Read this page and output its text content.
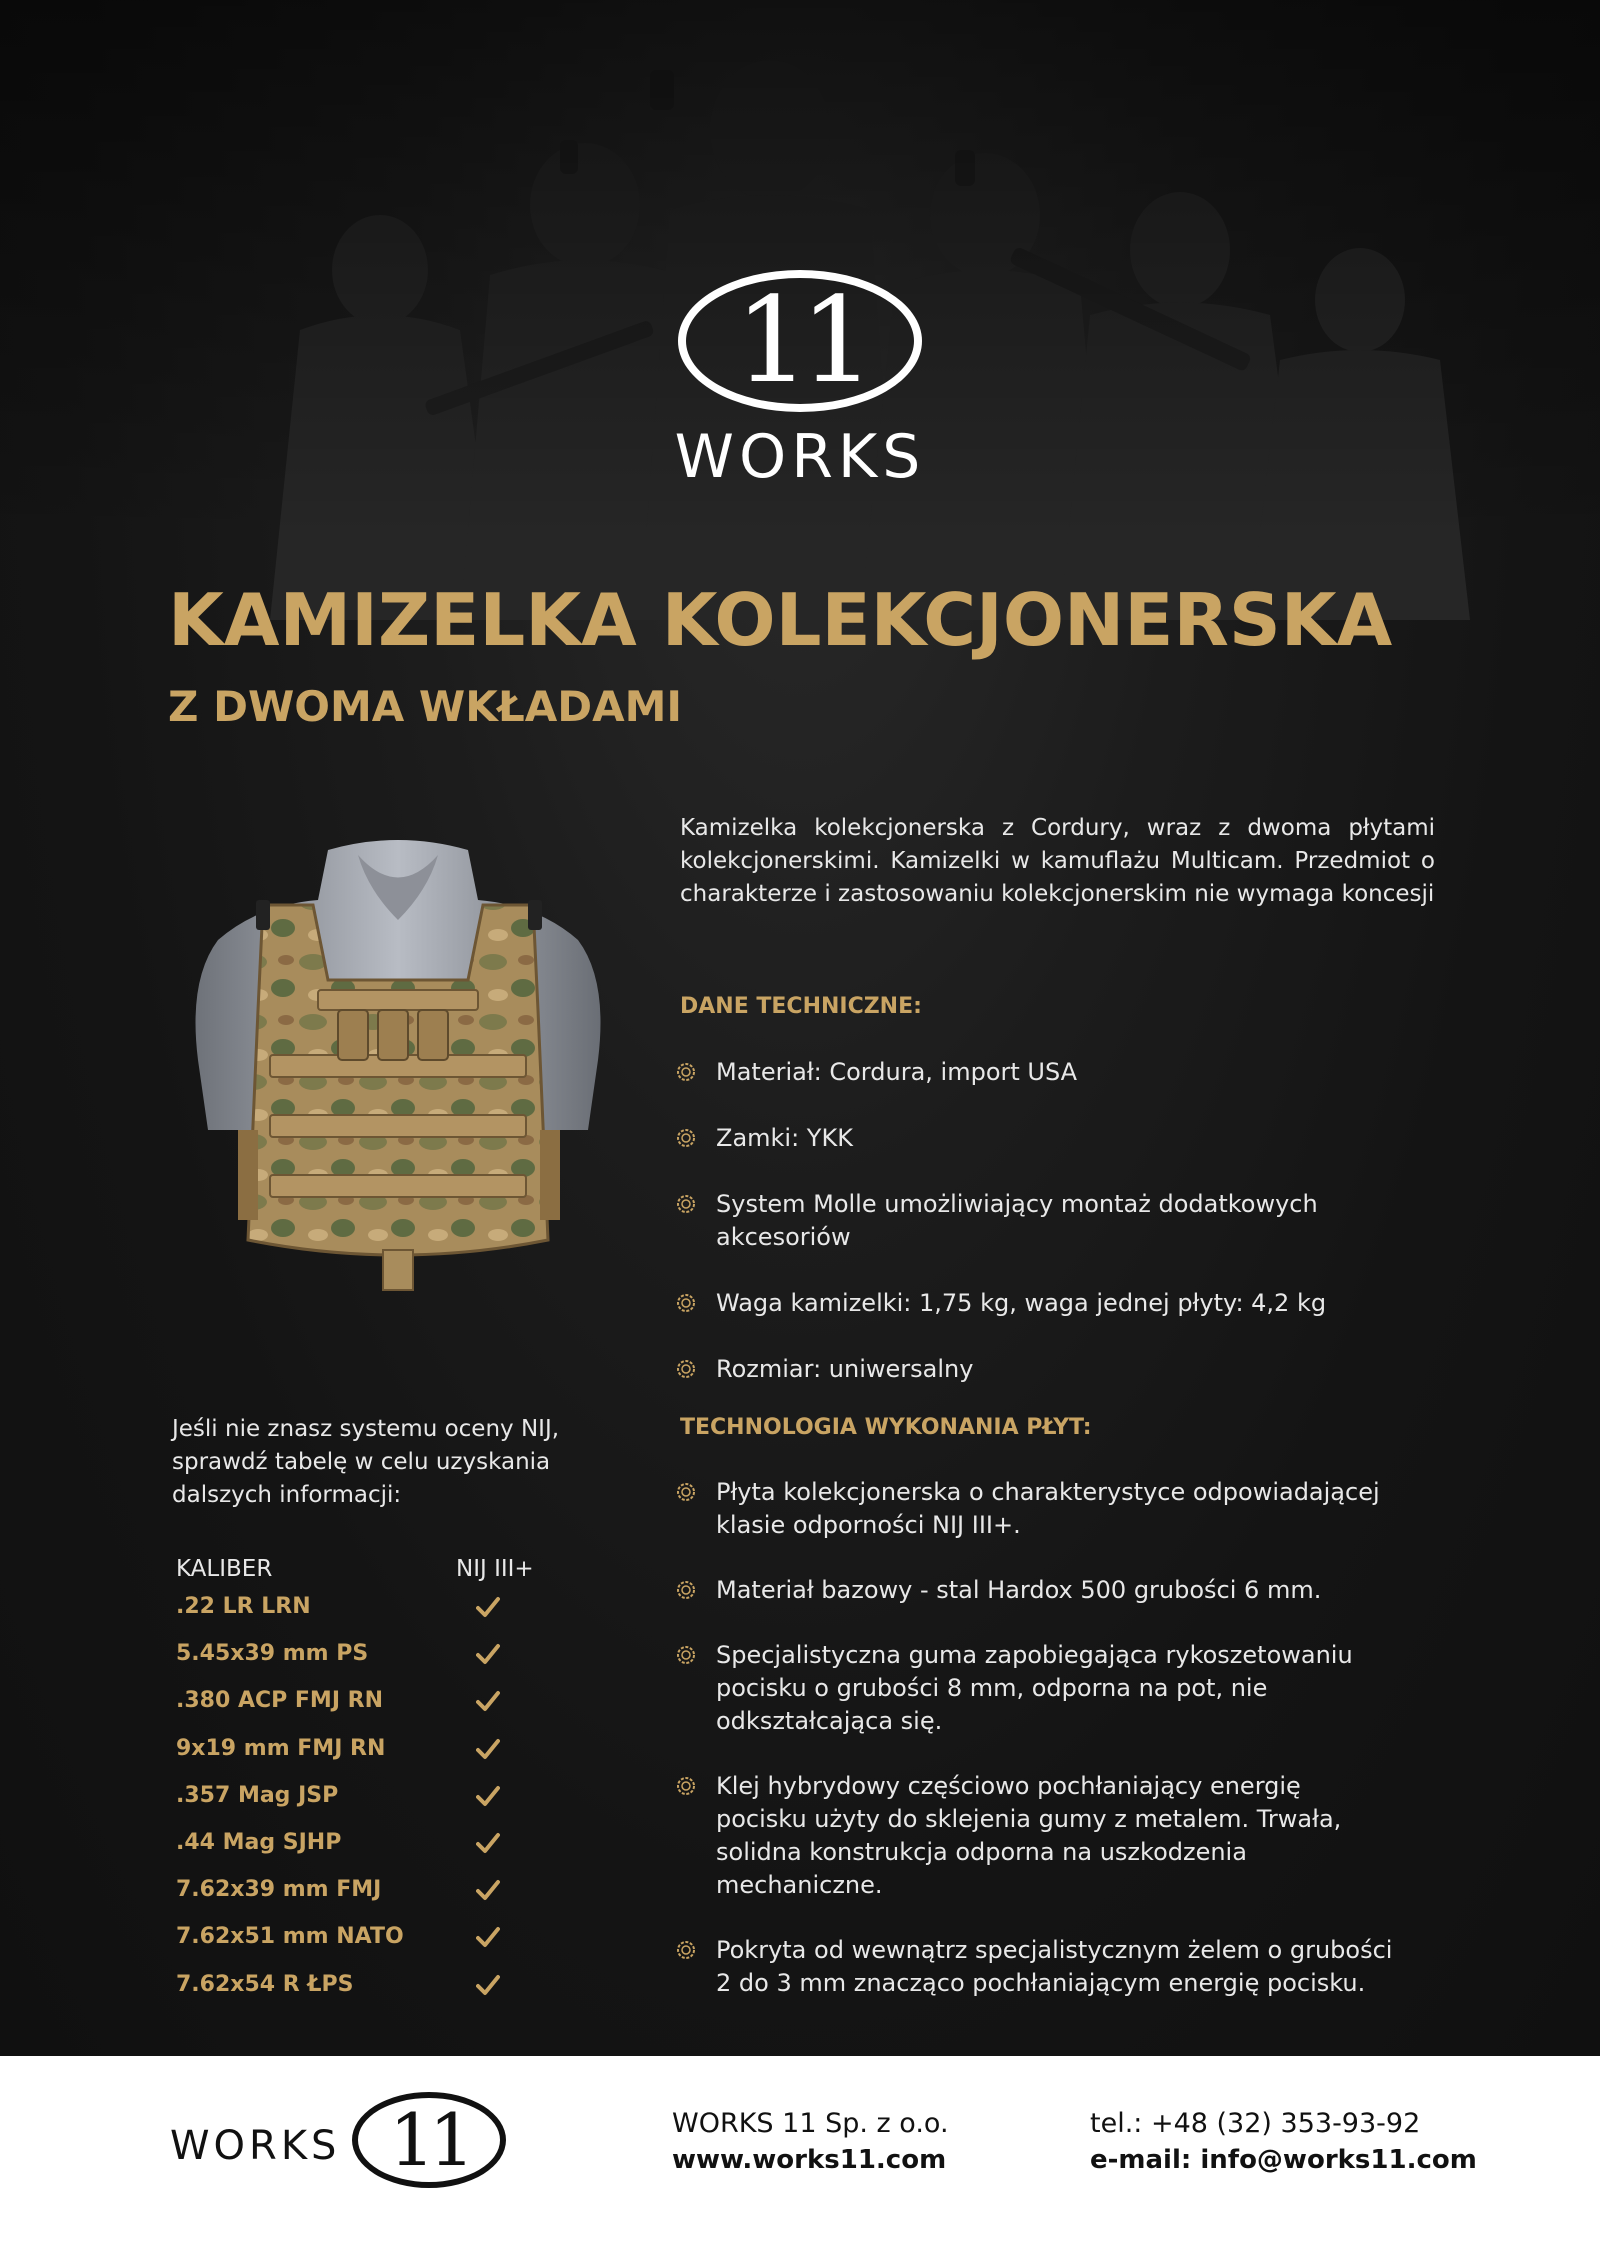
11
WORKS
KAMIZELKA KOLEKCJONERSKA
Z DWOMA WKŁADAMI

Kamizelka kolekcjonerska z Cordury, wraz z dwoma płytami kolekcjonerskimi. Kamizelki w kamuflażu Multicam. Przedmiot o charakterze i zastosowaniu kolekcjonerskim nie wymaga koncesji

DANE TECHNICZNE:
Materiał: Cordura, import USA
Zamki: YKK
System Molle umożliwiający montaż dodatkowych akcesoriów
Waga kamizelki: 1,75 kg, waga jednej płyty: 4,2 kg
Rozmiar: uniwersalny
TECHNOLOGIA WYKONANIA PŁYT:
Płyta kolekcjonerska o charakterystyce odpowiadającej klasie odporności NIJ III+.
Materiał bazowy - stal Hardox 500 grubości 6 mm.
Specjalistyczna guma zapobiegająca rykoszetowaniu pocisku o grubości 8 mm, odporna na pot, nie odkształcająca się.
Klej hybrydowy częściowo pochłaniający energię pocisku użyty do sklejenia gumy z metalem. Trwała, solidna konstrukcja odporna na uszkodzenia mechaniczne.
Pokryta od wewnątrz specjalistycznym żelem o grubości 2 do 3 mm znacząco pochłaniającym energię pocisku.

Jeśli nie znasz systemu oceny NIJ, sprawdź tabelę w celu uzyskania dalszych informacji:

KALIBER	NIJ III+
.22 LR LRN
5.45x39 mm PS
.380 ACP FMJ RN
9x19 mm FMJ RN
.357 Mag JSP
.44 Mag SJHP
7.62x39 mm FMJ
7.62x51 mm NATO
7.62x54 R ŁPS
WORKS 11	WORKS 11 Sp. z o.o.
www.works11.com
tel.: +48 (32) 353-93-92
e-mail: info@works11.com
